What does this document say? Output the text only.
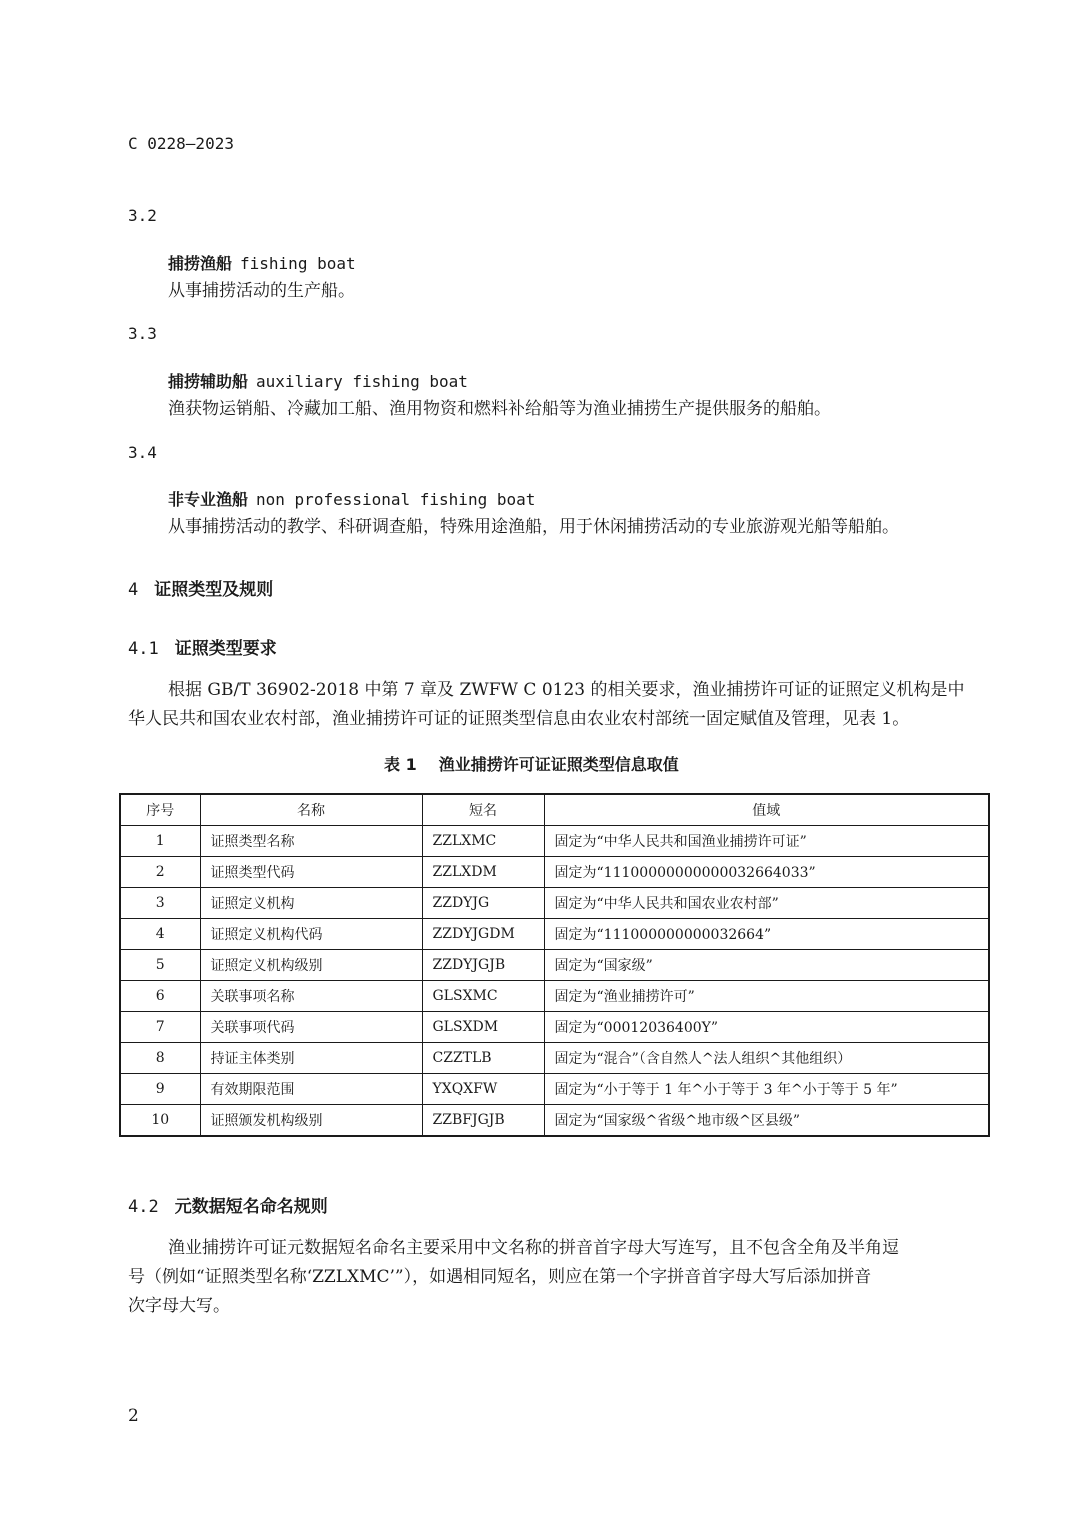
C 0228—2023
3.2
捕捞渔船 fishing boat
从事捕捞活动的生产船。
3.3
捕捞辅助船 auxiliary fishing boat
渔获物运销船、冷藏加工船、渔用物资和燃料补给船等为渔业捕捞生产提供服务的船舶。
3.4
非专业渔船 non professional fishing boat
从事捕捞活动的教学、科研调查船，特殊用途渔船，用于休闲捕捞活动的专业旅游观光船等船舶。
4 证照类型及规则
4.1 证照类型要求
根据 GB/T 36902-2018 中第 7 章及 ZWFW C 0123 的相关要求，渔业捕捞许可证的证照定义机构是中
华人民共和国农业农村部，渔业捕捞许可证的证照类型信息由农业农村部统一固定赋值及管理，见表 1。
表 1 渔业捕捞许可证证照类型信息取值
序号	名称	短名	值域
1	证照类型名称	ZZLXMC	固定为“中华人民共和国渔业捕捞许可证”
2	证照类型代码	ZZLXDM	固定为“11100000000000032664033”
3	证照定义机构	ZZDYJG	固定为“中华人民共和国农业农村部”
4	证照定义机构代码	ZZDYJGDM	固定为“111000000000032664”
5	证照定义机构级别	ZZDYJGJB	固定为“国家级”
6	关联事项名称	GLSXMC	固定为“渔业捕捞许可”
7	关联事项代码	GLSXDM	固定为“00012036400Y”
8	持证主体类别	CZZTLB	固定为“混合”（含自然人^法人组织^其他组织）
9	有效期限范围	YXQXFW	固定为“小于等于 1 年^小于等于 3 年^小于等于 5 年”
10	证照颁发机构级别	ZZBFJGJB	固定为“国家级^省级^地市级^区县级”
4.2 元数据短名命名规则
渔业捕捞许可证元数据短名命名主要采用中文名称的拼音首字母大写连写，且不包含全角及半角逗
号（例如“证照类型名称‘ZZLXMC’”），如遇相同短名，则应在第一个字拼音首字母大写后添加拼音
次字母大写。
2
